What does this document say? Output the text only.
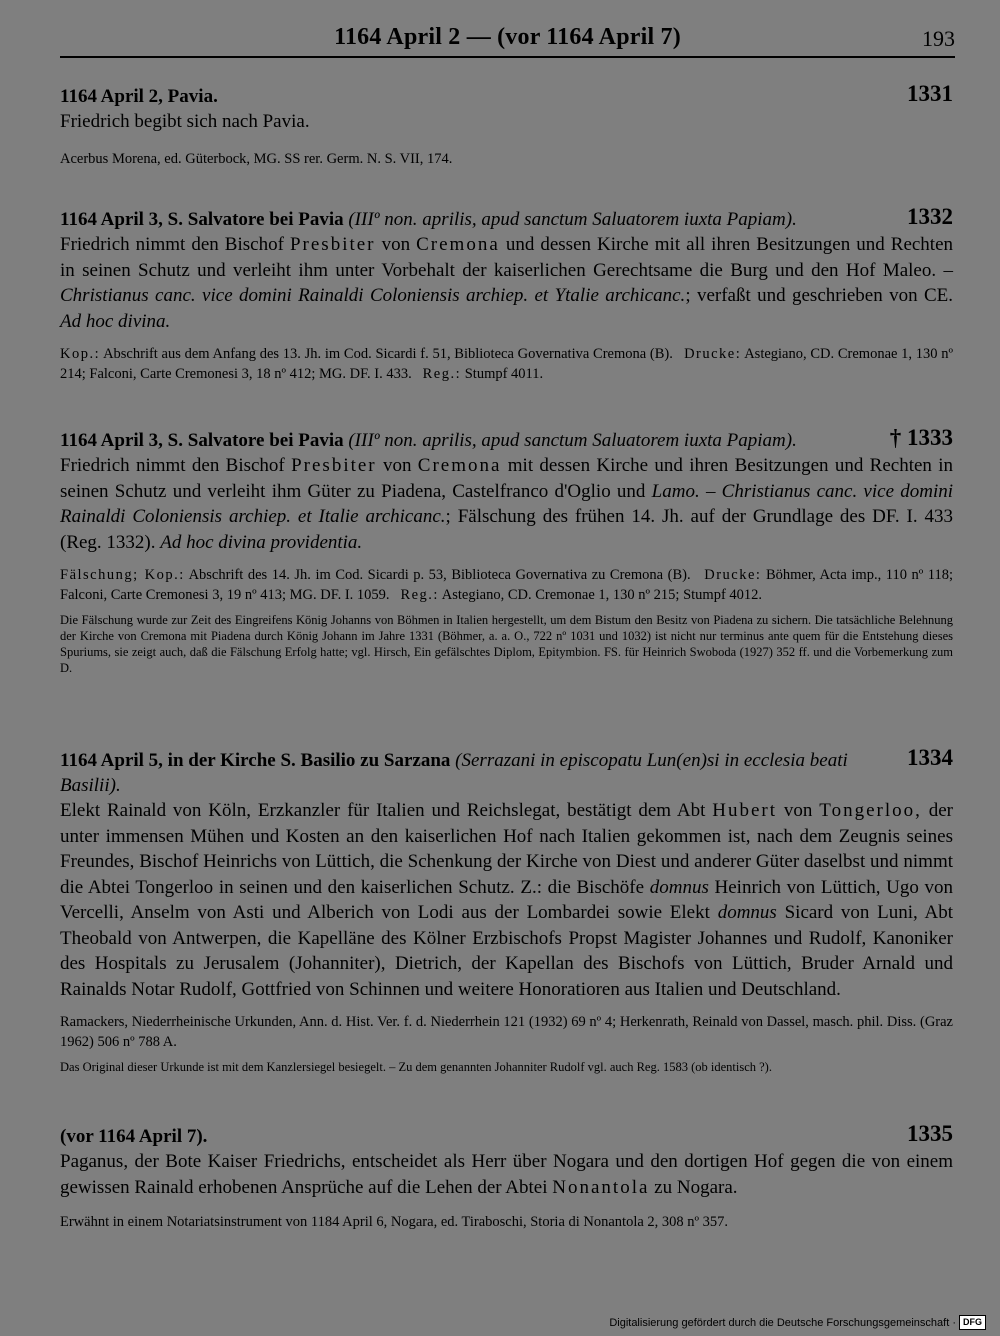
1164 April 2 — (vor 1164 April 7)	193
1164 April 2, Pavia.	1331
Friedrich begibt sich nach Pavia.
Acerbus Morena, ed. Güterbock, MG. SS rer. Germ. N. S. VII, 174.
1164 April 3, S. Salvatore bei Pavia (IIIº non. aprilis, apud sanctum Saluatorem iuxta Papiam).	1332
Friedrich nimmt den Bischof Presbiter von Cremona und dessen Kirche mit all ihren Besitzungen und Rechten in seinen Schutz und verleiht ihm unter Vorbehalt der kaiserlichen Gerechtsame die Burg und den Hof Maleo. – Christianus canc. vice domini Rainaldi Coloniensis archiep. et Ytalie archicanc.; verfaßt und geschrieben von CE. Ad hoc divina.
Kop.: Abschrift aus dem Anfang des 13. Jh. im Cod. Sicardi f. 51, Biblioteca Governativa Cremona (B). Drucke: Astegiano, CD. Cremonae 1, 130 nº 214; Falconi, Carte Cremonesi 3, 18 nº 412; MG. DF. I. 433. Reg.: Stumpf 4011.
1164 April 3, S. Salvatore bei Pavia (IIIº non. aprilis, apud sanctum Saluatorem iuxta Papiam).	† 1333
Friedrich nimmt den Bischof Presbiter von Cremona mit dessen Kirche und ihren Besitzungen und Rechten in seinen Schutz und verleiht ihm Güter zu Piadena, Castelfranco d'Oglio und Lamo. – Christianus canc. vice domini Rainaldi Coloniensis archiep. et Italie archicanc.; Fälschung des frühen 14. Jh. auf der Grundlage des DF. I. 433 (Reg. 1332). Ad hoc divina providentia.
Fälschung; Kop.: Abschrift des 14. Jh. im Cod. Sicardi p. 53, Biblioteca Governativa zu Cremona (B). Drucke: Böhmer, Acta imp., 110 nº 118; Falconi, Carte Cremonesi 3, 19 nº 413; MG. DF. I. 1059. Reg.: Astegiano, CD. Cremonae 1, 130 nº 215; Stumpf 4012.
Die Fälschung wurde zur Zeit des Eingreifens König Johanns von Böhmen in Italien hergestellt, um dem Bistum den Besitz von Piadena zu sichern. Die tatsächliche Belehnung der Kirche von Cremona mit Piadena durch König Johann im Jahre 1331 (Böhmer, a. a. O., 722 nº 1031 und 1032) ist nicht nur terminus ante quem für die Entstehung dieses Spuriums, sie zeigt auch, daß die Fälschung Erfolg hatte; vgl. Hirsch, Ein gefälschtes Diplom, Epitymbion. FS. für Heinrich Swoboda (1927) 352 ff. und die Vorbemerkung zum D.
1164 April 5, in der Kirche S. Basilio zu Sarzana (Serrazani in episcopatu Lun(en)si in ecclesia beati Basilii).
1334
Elekt Rainald von Köln, Erzkanzler für Italien und Reichslegat, bestätigt dem Abt Hubert von Tongerloo, der unter immensen Mühen und Kosten an den kaiserlichen Hof nach Italien gekommen ist, nach dem Zeugnis seines Freundes, Bischof Heinrichs von Lüttich, die Schenkung der Kirche von Diest und anderer Güter daselbst und nimmt die Abtei Tongerloo in seinen und den kaiserlichen Schutz. Z.: die Bischöfe domnus Heinrich von Lüttich, Ugo von Vercelli, Anselm von Asti und Alberich von Lodi aus der Lombardei sowie Elekt domnus Sicard von Luni, Abt Theobald von Antwerpen, die Kapelläne des Kölner Erzbischofs Propst Magister Johannes und Rudolf, Kanoniker des Hospitals zu Jerusalem (Johanniter), Dietrich, der Kapellan des Bischofs von Lüttich, Bruder Arnald und Rainalds Notar Rudolf, Gottfried von Schinnen und weitere Honoratioren aus Italien und Deutschland.
Ramackers, Niederrheinische Urkunden, Ann. d. Hist. Ver. f. d. Niederrhein 121 (1932) 69 nº 4; Herkenrath, Reinald von Dassel, masch. phil. Diss. (Graz 1962) 506 nº 788 A.
Das Original dieser Urkunde ist mit dem Kanzlersiegel besiegelt. – Zu dem genannten Johanniter Rudolf vgl. auch Reg. 1583 (ob identisch ?).
(vor 1164 April 7).	1335
Paganus, der Bote Kaiser Friedrichs, entscheidet als Herr über Nogara und den dortigen Hof gegen die von einem gewissen Rainald erhobenen Ansprüche auf die Lehen der Abtei Nonantola zu Nogara.
Erwähnt in einem Notariatsinstrument von 1184 April 6, Nogara, ed. Tiraboschi, Storia di Nonantola 2, 308 nº 357.
Digitalisierung gefördert durch die Deutsche Forschungsgemeinschaft · DFG
